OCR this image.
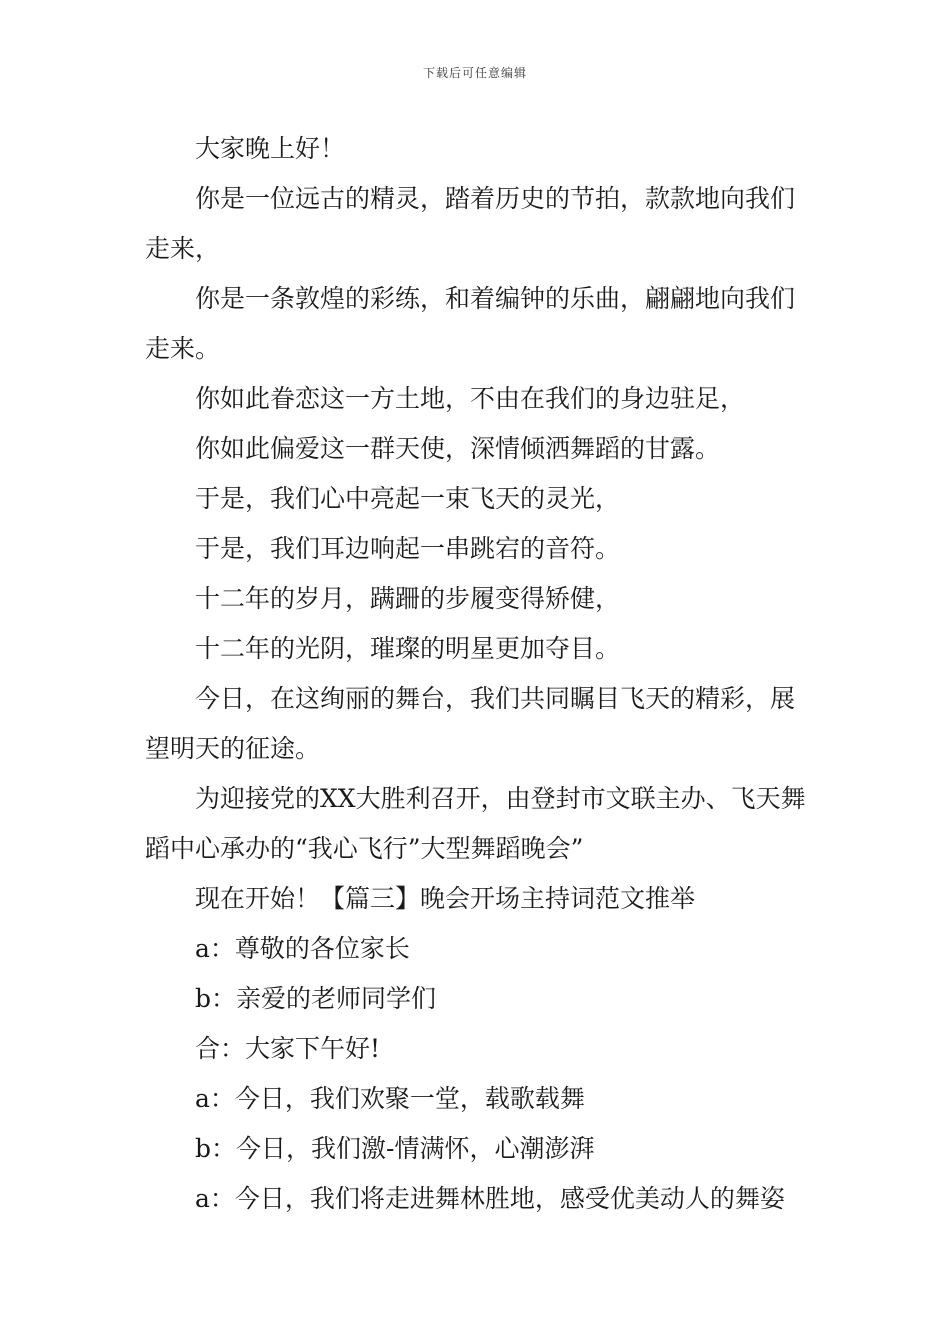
下载后可任意编辑

大家晚上好！

你是一位远古的精灵，踏着历史的节拍，款款地向我们走来，

你是一条敦煌的彩练，和着编钟的乐曲，翩翩地向我们走来。

你如此眷恋这一方土地，不由在我们的身边驻足，

你如此偏爱这一群天使，深情倾洒舞蹈的甘露。

于是，我们心中亮起一束飞天的灵光，

于是，我们耳边响起一串跳宕的音符。

十二年的岁月，蹒跚的步履变得矫健，

十二年的光阴，璀璨的明星更加夺目。

今日，在这绚丽的舞台，我们共同瞩目飞天的精彩，展望明天的征途。

为迎接党的XX大胜利召开，由登封市文联主办、飞天舞蹈中心承办的“我心飞行”大型舞蹈晚会”

现在开始！【篇三】晚会开场主持词范文推举

a：尊敬的各位家长

b：亲爱的老师同学们

合：大家下午好!

a：今日，我们欢聚一堂，载歌载舞

b：今日，我们激-情满怀，心潮澎湃

a：今日，我们将走进舞林胜地，感受优美动人的舞姿
